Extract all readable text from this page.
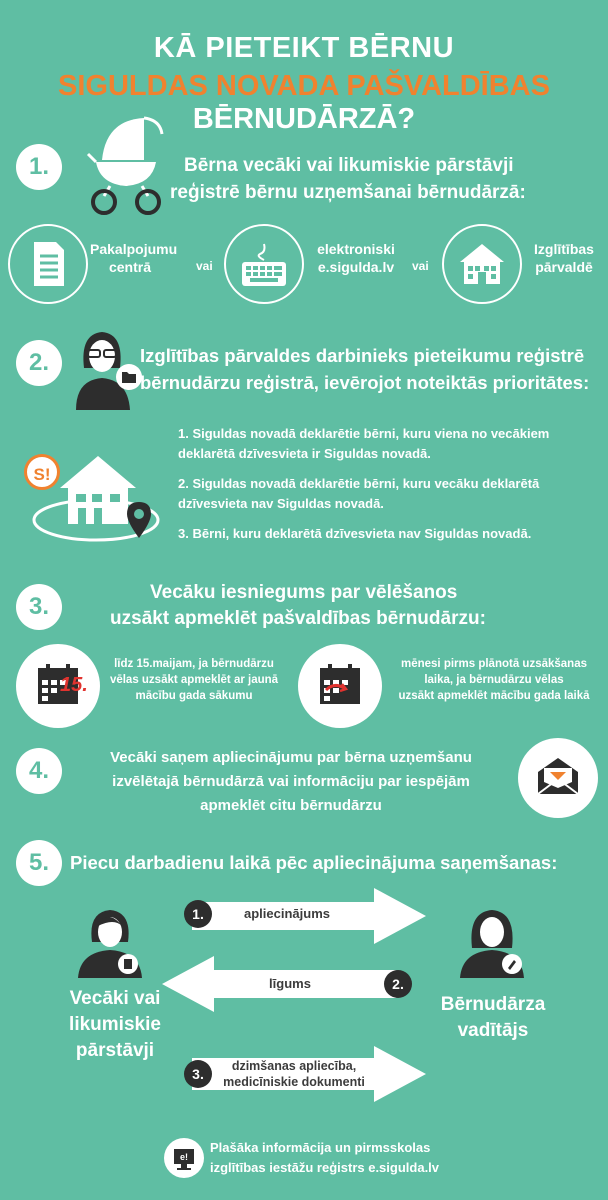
KĀ PIETEIKT BĒRNU
SIGULDAS NOVADA PAŠVALDĪBAS BĒRNUDĀRZĀ?
1.	Bērna vecāki vai likumiskie pārstāvji
reģistrē bērnu uzņemšanai bērnudārzā:
Pakalpojumu
centrā	vai
elektroniski
e.sigulda.lv	vai
Izglītības
pārvaldē
2.	Izglītības pārvaldes darbinieks pieteikumu reģistrē
bērnudārzu reģistrā, ievērojot noteiktās prioritātes:
S!
1. Siguldas novadā deklarētie bērni, kuru viena no vecākiem
deklarētā dzīvesvieta ir Siguldas novadā.
2. Siguldas novadā deklarētie bērni, kuru vecāku deklarētā
dzīvesvieta nav Siguldas novadā.
3. Bērni, kuru deklarētā dzīvesvieta nav Siguldas novadā.
3.
Vecāku iesniegums par vēlēšanos
uzsākt apmeklēt pašvaldības bērnudārzu:
15.
līdz 15.maijam, ja bērnudārzu
vēlas uzsākt apmeklēt ar jaunā
mācību gada sākumu
mēnesi pirms plānotā uzsākšanas
laika, ja bērnudārzu vēlas
uzsākt apmeklēt mācību gada laikā
4.	Vecāki saņem apliecinājumu par bērna uzņemšanu
izvēlētajā bērnudārzā vai informāciju par iespējām
apmeklēt citu bērnudārzu
5.	Piecu darbadienu laikā pēc apliecinājuma saņemšanas:
1.	apliecinājums
2.
līgums
3.	dzimšanas apliecība,
medicīniskie dokumenti
Vecāki vai
likumiskie
pārstāvji
Bērnudārza
vadītājs
e!
Plašāka informācija un pirmsskolas
izglītības iestāžu reģistrs e.sigulda.lv
